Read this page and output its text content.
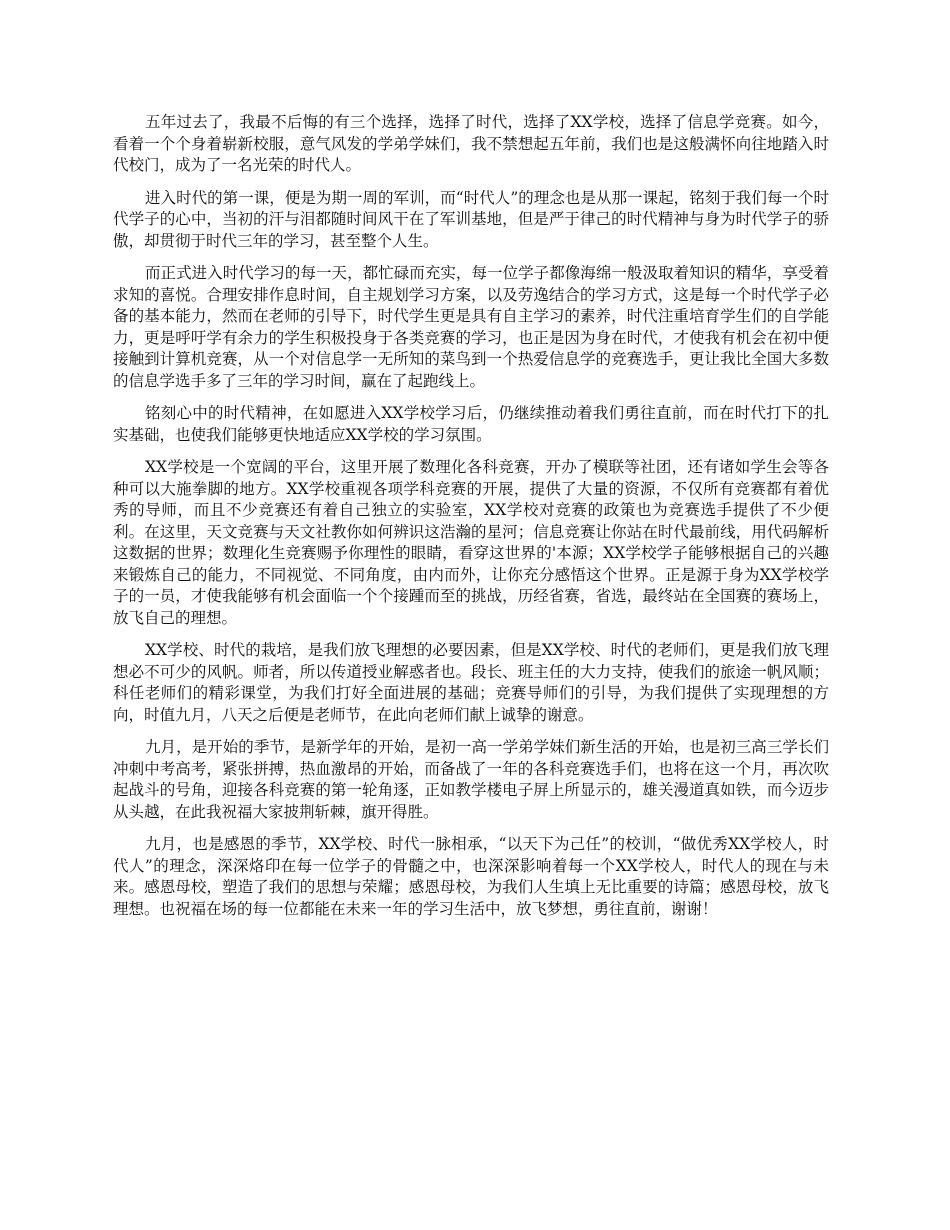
五年过去了，我最不后悔的有三个选择，选择了时代，选择了XX学校，选择了信息学竞赛。如今，看着一个个身着崭新校服，意气风发的学弟学妹们，我不禁想起五年前，我们也是这般满怀向往地踏入时代校门，成为了一名光荣的时代人。

进入时代的第一课，便是为期一周的军训，而“时代人”的理念也是从那一课起，铭刻于我们每一个时代学子的心中，当初的汗与泪都随时间风干在了军训基地，但是严于律己的时代精神与身为时代学子的骄傲，却贯彻于时代三年的学习，甚至整个人生。

而正式进入时代学习的每一天，都忙碌而充实，每一位学子都像海绵一般汲取着知识的精华，享受着求知的喜悦。合理安排作息时间，自主规划学习方案，以及劳逸结合的学习方式，这是每一个时代学子必备的基本能力，然而在老师的引导下，时代学生更是具有自主学习的素养，时代注重培育学生们的自学能力，更是呼吁学有余力的学生积极投身于各类竞赛的学习，也正是因为身在时代，才使我有机会在初中便接触到计算机竞赛，从一个对信息学一无所知的菜鸟到一个热爱信息学的竞赛选手，更让我比全国大多数的信息学选手多了三年的学习时间，赢在了起跑线上。

铭刻心中的时代精神，在如愿进入XX学校学习后，仍继续推动着我们勇往直前，而在时代打下的扎实基础，也使我们能够更快地适应XX学校的学习氛围。

XX学校是一个宽阔的平台，这里开展了数理化各科竞赛，开办了模联等社团，还有诸如学生会等各种可以大施拳脚的地方。XX学校重视各项学科竞赛的开展，提供了大量的资源，不仅所有竞赛都有着优秀的导师，而且不少竞赛还有着自己独立的实验室，XX学校对竞赛的政策也为竞赛选手提供了不少便利。在这里，天文竞赛与天文社教你如何辨识这浩瀚的星河；信息竞赛让你站在时代最前线，用代码解析这数据的世界；数理化生竞赛赐予你理性的眼睛，看穿这世界的'本源；XX学校学子能够根据自己的兴趣来锻炼自己的能力，不同视觉、不同角度，由内而外，让你充分感悟这个世界。正是源于身为XX学校学子的一员，才使我能够有机会面临一个个接踵而至的挑战，历经省赛，省选，最终站在全国赛的赛场上，放飞自己的理想。

XX学校、时代的栽培，是我们放飞理想的必要因素，但是XX学校、时代的老师们，更是我们放飞理想必不可少的风帆。师者，所以传道授业解惑者也。段长、班主任的大力支持，使我们的旅途一帆风顺；科任老师们的精彩课堂，为我们打好全面进展的基础；竞赛导师们的引导，为我们提供了实现理想的方向，时值九月，八天之后便是老师节，在此向老师们献上诚挚的谢意。

九月，是开始的季节，是新学年的开始，是初一高一学弟学妹们新生活的开始，也是初三高三学长们冲刺中考高考，紧张拼搏，热血激昂的开始，而备战了一年的各科竞赛选手们，也将在这一个月，再次吹起战斗的号角，迎接各科竞赛的第一轮角逐，正如教学楼电子屏上所显示的，雄关漫道真如铁，而今迈步从头越，在此我祝福大家披荆斩棘，旗开得胜。

九月，也是感恩的季节，XX学校、时代一脉相承，“以天下为己任”的校训，“做优秀XX学校人，时代人”的理念，深深烙印在每一位学子的骨髓之中，也深深影响着每一个XX学校人，时代人的现在与未来。感恩母校，塑造了我们的思想与荣耀；感恩母校，为我们人生填上无比重要的诗篇；感恩母校，放飞理想。也祝福在场的每一位都能在未来一年的学习生活中，放飞梦想，勇往直前，谢谢！
